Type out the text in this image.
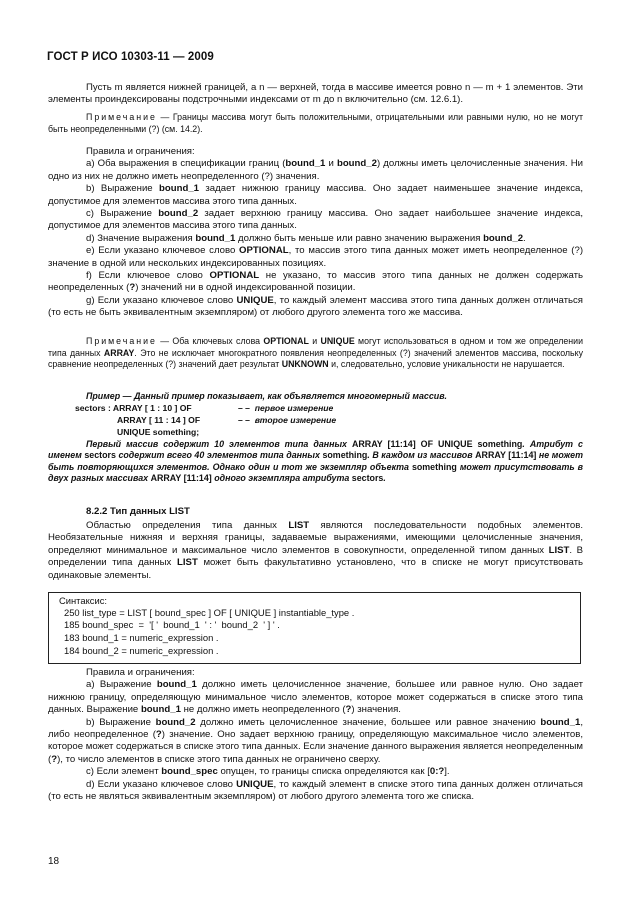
ГОСТ Р ИСО 10303-11 — 2009

Пусть m является нижней границей, а n — верхней, тогда в массиве имеется ровно n — m + 1 элементов. Эти элементы проиндексированы подстрочными индексами от m до n включительно (см. 12.6.1).

Примечание — Границы массива могут быть положительными, отрицательными или равными нулю, но не могут быть неопределенными (?) (см. 14.2).

Правила и ограничения:

a) Оба выражения в спецификации границ (bound_1 и bound_2) должны иметь целочисленные значения. Ни одно из них не должно иметь неопределенного (?) значения.

b) Выражение bound_1 задает нижнюю границу массива. Оно задает наименьшее значение индекса, допустимое для элементов массива этого типа данных.

c) Выражение bound_2 задает верхнюю границу массива. Оно задает наибольшее значение индекса, допустимое для элементов массива этого типа данных.

d) Значение выражения bound_1 должно быть меньше или равно значению выражения bound_2.

e) Если указано ключевое слово OPTIONAL, то массив этого типа данных может иметь неопределенное (?) значение в одной или нескольких индексированных позициях.

f) Если ключевое слово OPTIONAL не указано, то массив этого типа данных не должен содержать неопределенных (?) значений ни в одной индексированной позиции.

g) Если указано ключевое слово UNIQUE, то каждый элемент массива этого типа данных должен отличаться (то есть не быть эквивалентным экземпляром) от любого другого элемента того же массива.

Примечание — Оба ключевых слова OPTIONAL и UNIQUE могут использоваться в одном и том же определении типа данных ARRAY. Это не исключает многократного появления неопределенных (?) значений элементов массива, поскольку сравнение неопределенных (?) значений дает результат UNKNOWN и, следовательно, условие уникальности не нарушается.

Пример — Данный пример показывает, как объявляется многомерный массив.

sectors : ARRAY [ 1 : 10 ] OF	– –  первое измерение
ARRAY [ 11 : 14 ] OF	– –  второе измерение
UNIQUE something;

Первый массив содержит 10 элементов типа данных ARRAY [11:14] OF UNIQUE something. Атрибут с именем sectors содержит всего 40 элементов типа данных something. В каждом из массивов ARRAY [11:14] не может быть повторяющихся элементов. Однако один и тот же экземпляр объекта something может присутствовать в двух разных массивах ARRAY [11:14] одного экземпляра атрибута sectors.

8.2.2 Тип данных LIST

Областью определения типа данных LIST являются последовательности подобных элементов. Необязательные нижняя и верхняя границы, задаваемые выражениями, имеющими целочисленные значения, определяют минимальное и максимальное число элементов в совокупности, определенной типом данных LIST. В определении типа данных LIST может быть факультативно установлено, что в списке не могут присутствовать одинаковые элементы.

Синтаксис:
250 list_type = LIST [ bound_spec ] OF [ UNIQUE ] instantiable_type .
185 bound_spec  =  '[ '  bound_1  ' : '  bound_2  ' ] ' .
183 bound_1 = numeric_expression .
184 bound_2 = numeric_expression .

Правила и ограничения:

a) Выражение bound_1 должно иметь целочисленное значение, большее или равное нулю. Оно задает нижнюю границу, определяющую минимальное число элементов, которое может содержаться в списке этого типа данных. Выражение bound_1 не должно иметь неопределенного (?) значения.

b) Выражение bound_2 должно иметь целочисленное значение, большее или равное значению bound_1, либо неопределенное (?) значение. Оно задает верхнюю границу, определяющую максимальное число элементов, которое может содержаться в списке этого типа данных. Если значение данного выражения является неопределенным (?), то число элементов в списке этого типа данных не ограничено сверху.

c) Если элемент bound_spec опущен, то границы списка определяются как [0:?].

d) Если указано ключевое слово UNIQUE, то каждый элемент в списке этого типа данных должен отличаться (то есть не являться эквивалентным экземпляром) от любого другого элемента того же списка.

18
